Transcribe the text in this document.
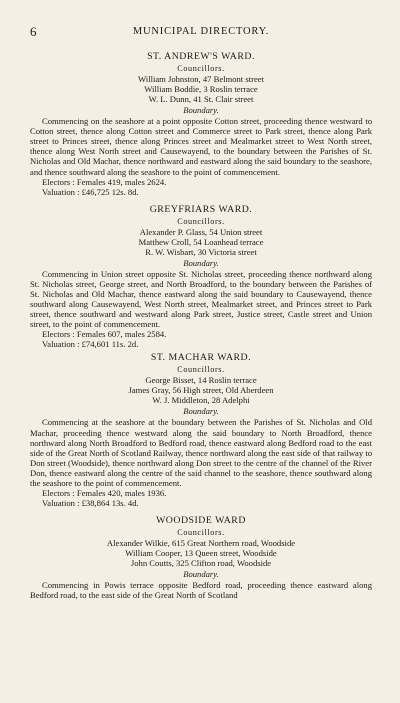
6	MUNICIPAL DIRECTORY.
ST. ANDREW'S WARD.
Councillors.
William Johnston, 47 Belmont street
William Boddie, 3 Roslin terrace
W. L. Dunn, 41 St. Clair street
Boundary.
Commencing on the seashore at a point opposite Cotton street, proceeding thence westward to Cotton street, thence along Cotton street and Commerce street to Park street, thence along Park street to Princes street, thence along Princes street and Mealmarket street to West North street, thence along West North street and Causewayend, to the boundary between the Parishes of St. Nicholas and Old Machar, thence northward and eastward along the said boundary to the seashore, and thence southward along the seashore to the point of commencement.
Electors : Females 419, males 2624.
Valuation : £46,725 12s. 8d.
GREYFRIARS WARD.
Councillors.
Alexander P. Glass, 54 Union street
Matthew Croll, 54 Loanhead terrace
R. W. Wisbart, 30 Victoria street
Boundary.
Commencing in Union street opposite St. Nicholas street, proceeding thence northward along St. Nicholas street, George street, and North Broadford, to the boundary between the Parishes of St. Nicholas and Old Machar, thence eastward along the said boundary to Causewayend, thence southward along Causewayend, West North street, Mealmarket street, and Princes street to Park street, thence southward and westward along Park street, Justice street, Castle street and Union street, to the point of commencement.
Electors : Females 607, males 2584.
Valuation : £74,601 11s. 2d.
ST. MACHAR WARD.
Councillors.
George Bisset, 14 Roslin terrace
James Gray, 56 High street, Old Aberdeen
W. J. Middleton, 28 Adelphi
Boundary.
Commencing at the seashore at the boundary between the Parishes of St. Nicholas and Old Machar, proceeding thence westward along the said boundary to North Broadford, thence northward along North Broadford to Bedford road, thence eastward along Bedford road to the east side of the Great North of Scotland Railway, thence northward along the east side of that railway to Don street (Woodside), thence northward along Don street to the centre of the channel of the River Don, thence eastward along the centre of the said channel to the seashore, thence southward along the seashore to the point of commencement.
Electors : Females 420, males 1936.
Valuation : £38,864 13s. 4d.
WOODSIDE WARD
Councillors.
Alexander Wilkie, 615 Great Northern road, Woodside
William Cooper, 13 Queen street, Woodside
John Coutts, 325 Clifton road, Woodside
Boundary.
Commencing in Powis terrace opposite Bedford road, proceeding thence eastward along Bedford road, to the east side of the Great North of Scotland
